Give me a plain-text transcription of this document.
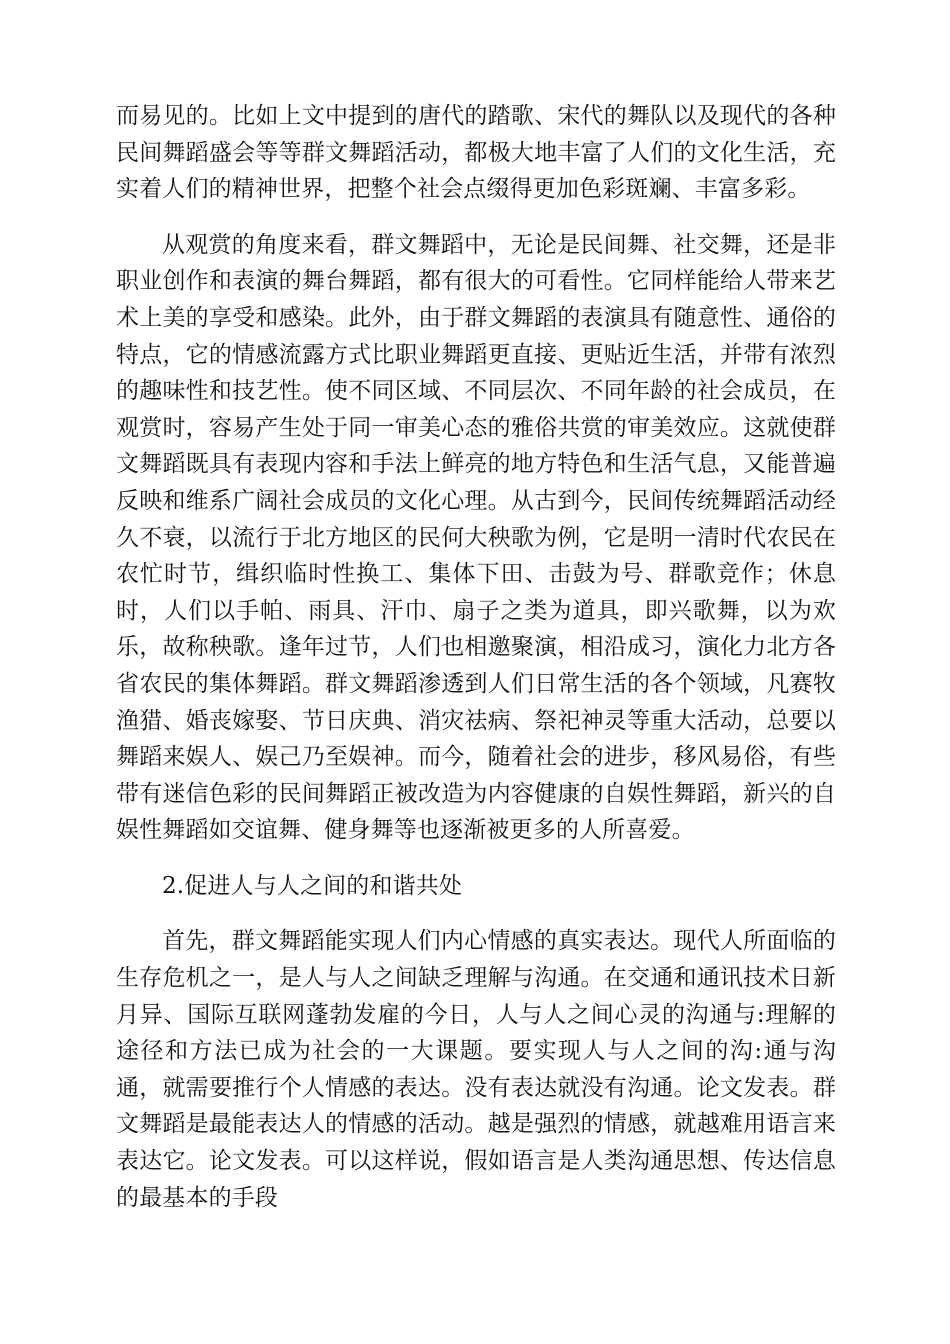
而易见的。比如上文中提到的唐代的踏歌、宋代的舞队以及现代的各种民间舞蹈盛会等等群文舞蹈活动，都极大地丰富了人们的文化生活，充实着人们的精神世界，把整个社会点缀得更加色彩斑斓、丰富多彩。

从观赏的角度来看，群文舞蹈中，无论是民间舞、社交舞，还是非职业创作和表演的舞台舞蹈，都有很大的可看性。它同样能给人带来艺术上美的享受和感染。此外，由于群文舞蹈的表演具有随意性、通俗的特点，它的情感流露方式比职业舞蹈更直接、更贴近生活，并带有浓烈的趣味性和技艺性。使不同区域、不同层次、不同年龄的社会成员，在观赏时，容易产生处于同一审美心态的雅俗共赏的审美效应。这就使群文舞蹈既具有表现内容和手法上鲜亮的地方特色和生活气息，又能普遍反映和维系广阔社会成员的文化心理。从古到今，民间传统舞蹈活动经久不衰，以流行于北方地区的民何大秧歌为例，它是明一清时代农民在农忙时节，缉织临时性换工、集体下田、击鼓为号、群歌竞作；休息时，人们以手帕、雨具、汗巾、扇子之类为道具，即兴歌舞，以为欢乐，故称秧歌。逢年过节，人们也相邀聚演，相沿成习，演化力北方各省农民的集体舞蹈。群文舞蹈渗透到人们日常生活的各个领域，凡赛牧渔猎、婚丧嫁娶、节日庆典、消灾祛病、祭祀神灵等重大活动，总要以舞蹈来娱人、娱己乃至娱神。而今，随着社会的进步，移风易俗，有些带有迷信色彩的民间舞蹈正被改造为内容健康的自娱性舞蹈，新兴的自娱性舞蹈如交谊舞、健身舞等也逐渐被更多的人所喜爱。

2.促进人与人之间的和谐共处

首先，群文舞蹈能实现人们内心情感的真实表达。现代人所面临的生存危机之一，是人与人之间缺乏理解与沟通。在交通和通讯技术日新月异、国际互联网蓬勃发雇的今日，人与人之间心灵的沟通与:理解的途径和方法已成为社会的一大课题。要实现人与人之间的沟:通与沟通，就需要推行个人情感的表达。没有表达就没有沟通。论文发表。群文舞蹈是最能表达人的情感的活动。越是强烈的情感，就越难用语言来表达它。论文发表。可以这样说，假如语言是人类沟通思想、传达信息的最基本的手段
